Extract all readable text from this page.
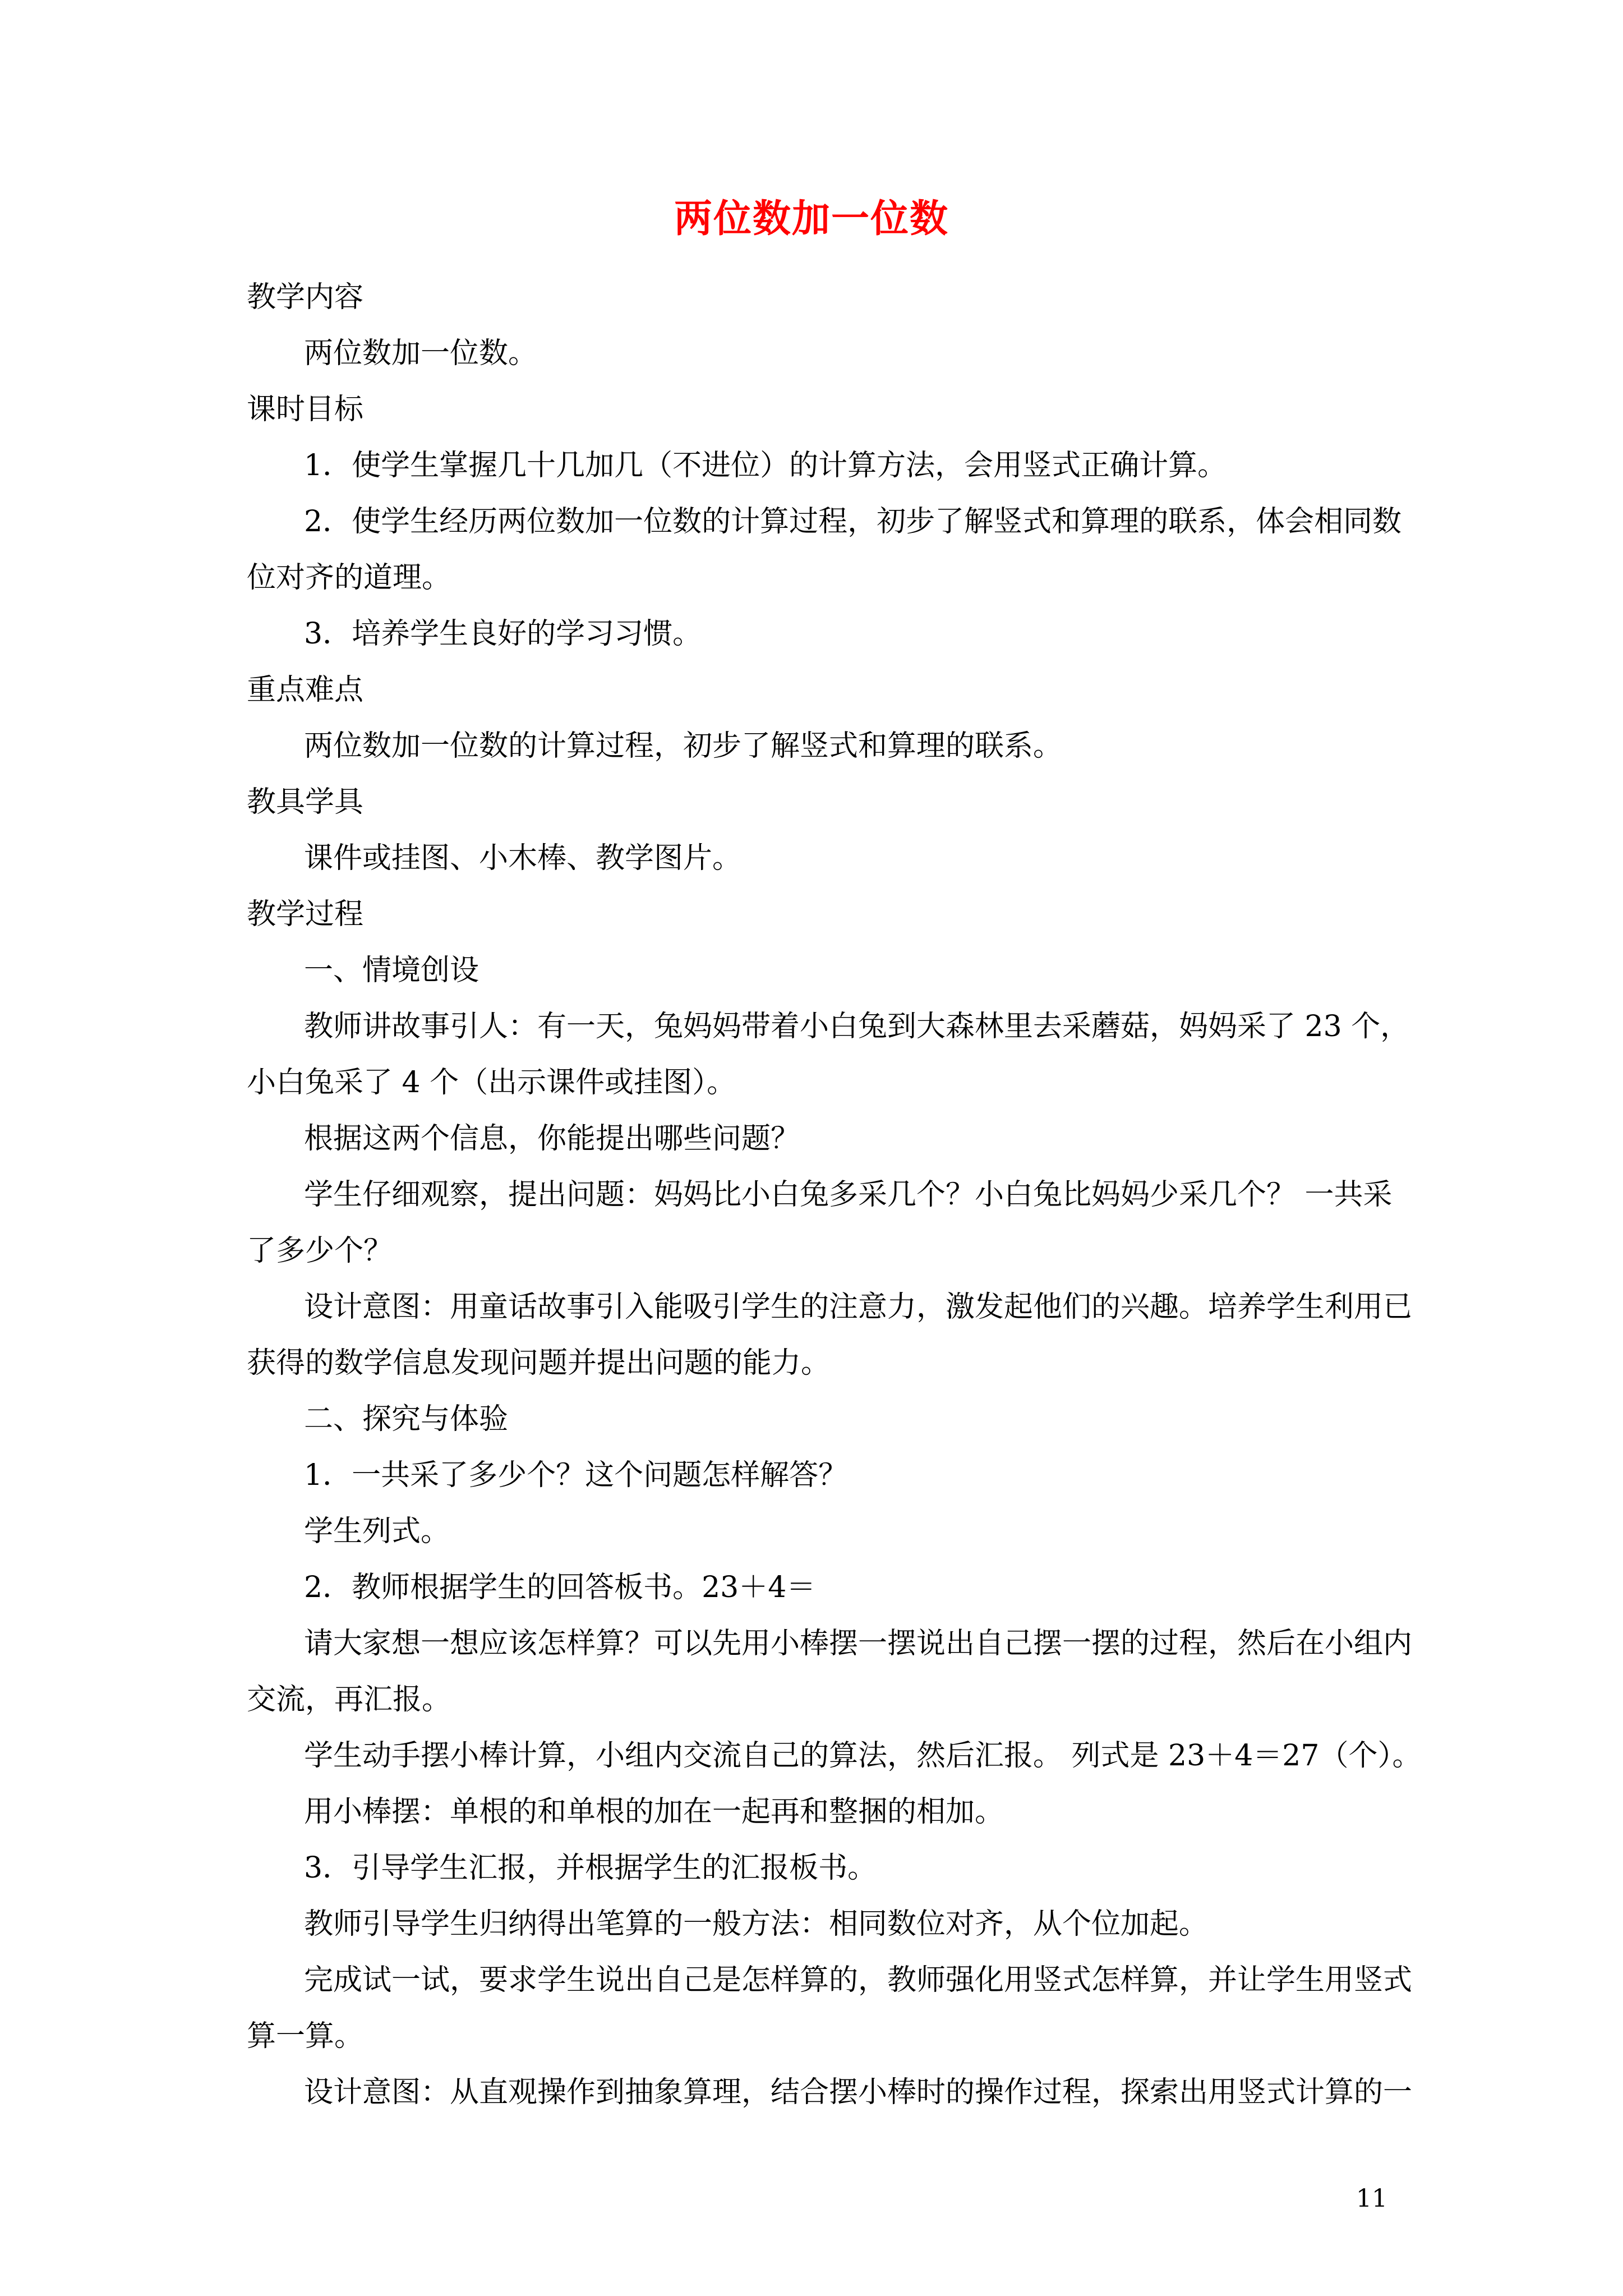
两位数加一位数
教学内容
两位数加一位数。
课时目标
1．使学生掌握几十几加几（不进位）的计算方法，会用竖式正确计算。
2．使学生经历两位数加一位数的计算过程，初步了解竖式和算理的联系，体会相同数
位对齐的道理。
3．培养学生良好的学习习惯。
重点难点
两位数加一位数的计算过程，初步了解竖式和算理的联系。
教具学具
课件或挂图、小木棒、教学图片。
教学过程
一、情境创设
教师讲故事引人：有一天，兔妈妈带着小白兔到大森林里去采蘑菇，妈妈采了 23 个，
小白兔采了 4 个（出示课件或挂图）。
根据这两个信息，你能提出哪些问题？
学生仔细观察，提出问题：妈妈比小白兔多采几个？小白兔比妈妈少采几个？ 一共采
了多少个？
设计意图：用童话故事引入能吸引学生的注意力，激发起他们的兴趣。培养学生利用已
获得的数学信息发现问题并提出问题的能力。
二、探究与体验
1．一共采了多少个？这个问题怎样解答？
学生列式。
2．教师根据学生的回答板书。23＋4＝
请大家想一想应该怎样算？可以先用小棒摆一摆说出自己摆一摆的过程，然后在小组内
交流，再汇报。
学生动手摆小棒计算，小组内交流自己的算法，然后汇报。 列式是 23＋4＝27（个）。
用小棒摆：单根的和单根的加在一起再和整捆的相加。
3．引导学生汇报，并根据学生的汇报板书。
教师引导学生归纳得出笔算的一般方法：相同数位对齐，从个位加起。
完成试一试，要求学生说出自己是怎样算的，教师强化用竖式怎样算，并让学生用竖式
算一算。
设计意图：从直观操作到抽象算理，结合摆小棒时的操作过程，探索出用竖式计算的一
11
